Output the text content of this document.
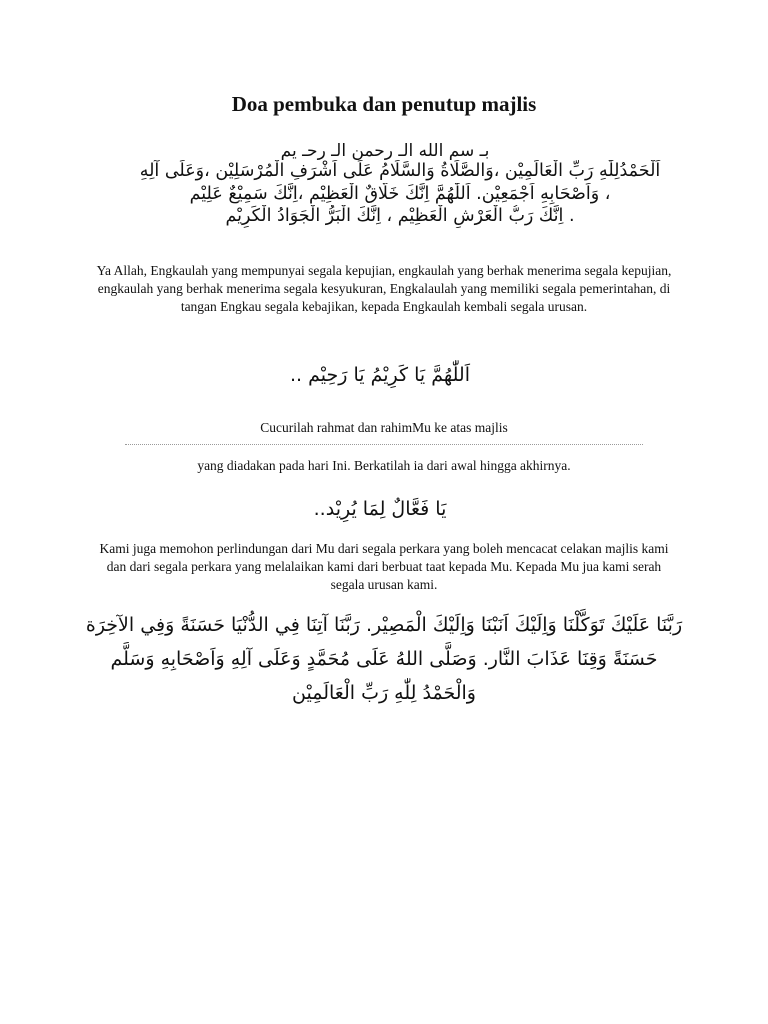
Doa pembuka dan penutup majlis
بـ سم الله الـ رحمن الـ رحـ يم
اَلْحَمْدُلِلّٰهِ رَبِّ الْعَالَمِيْن ،وَالصَّلَاةُ وَالسَّلَامُ عَلَى اَشْرَفِ الْمُرْسَلِيْن ،وَعَلَى آلِهِ
، وَاَصْحَابِهِ اَجْمَعِيْن. اَللّٰهُمَّ اِنَّكَ خَلَّاقٌ الْعَظِيْم ،اِنَّكَ سَمِيْعٌ عَلِيْم
. اِنَّكَ رَبُّ الْعَرْشِ الْعَظِيْم ، اِنَّكَ الْبَرُّ الْجَوَادُ الْكَرِيْم
Ya Allah, Engkaulah yang mempunyai segala kepujian, engkaulah yang berhak menerima segala kepujian, engkaulah yang berhak menerima segala kesyukuran, Engkalaulah yang memiliki segala pemerintahan, di tangan Engkau segala kebajikan, kepada Engkaulah kembali segala urusan.
اَللّٰهُمَّ يَا كَرِيْمُ يَا رَحِيْم ..
Cucurilah rahmat dan rahimMu ke atas majlis
yang diadakan pada hari Ini. Berkatilah ia dari awal hingga akhirnya.
يَا فَعَّالٌ لِمَا يُرِيْد..
Kami juga memohon perlindungan dari Mu dari segala perkara yang boleh mencacat celakan majlis kami dan dari segala perkara yang melalaikan kami dari berbuat taat kepada Mu. Kepada Mu jua kami serah segala urusan kami.
رَبَّنَا عَلَيْكَ تَوَكَّلْنَا وَاِلَيْكَ اَنَبْنَا وَاِلَيْكَ الْمَصِيْر. رَبَّنَا آتِنَا فِي الدُّنْيَا حَسَنَةً وَفِي الآخِرَة
حَسَنَةً وَقِنَا عَذَابَ النَّار. وَصَلَّى اللهُ عَلَى مُحَمَّدٍ وَعَلَى آلِهِ وَاَصْحَابِهِ وَسَلَّم
وَالْحَمْدُ لِلّٰهِ رَبِّ الْعَالَمِيْن
